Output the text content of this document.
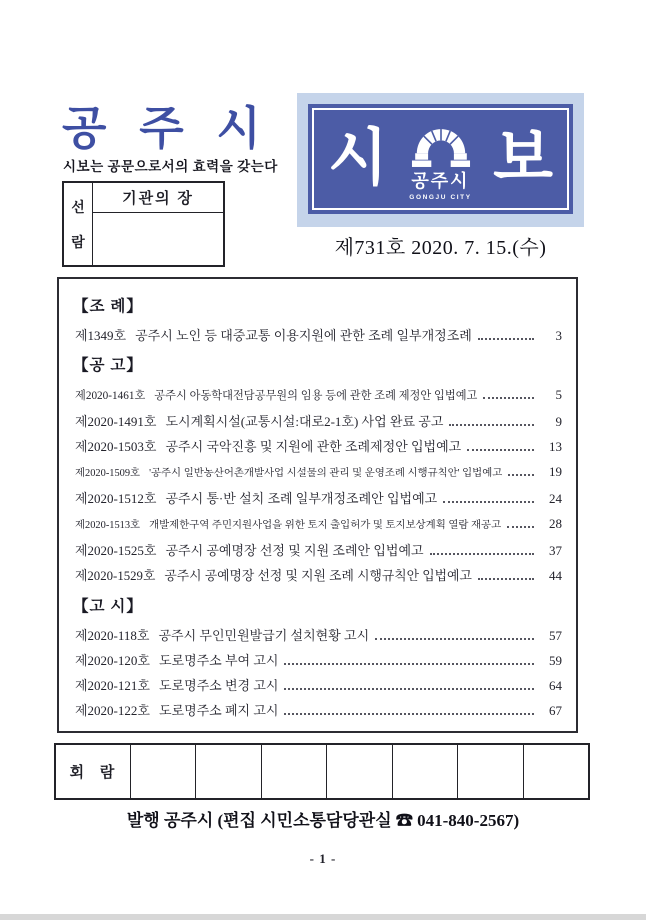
공 주 시
시보는 공문으로서의 효력을 갖는다
선
람
기관의 장
시 공주시
GONGJU CITY
보
제731호 2020. 7. 15.(수)
【조 례】
제1349호 공주시 노인 등 대중교통 이용지원에 관한 조례 일부개정조례	3
【공 고】
제2020-1461호 공주시 아동학대전담공무원의 임용 등에 관한 조례 제정안 입법예고	5
제2020-1491호 도시계획시설(교통시설:대로2-1호) 사업 완료 공고	9
제2020-1503호 공주시 국악진흥 및 지원에 관한 조례제정안 입법예고	13
제2020-1509호 '공주시 일반농산어촌개발사업 시설물의 관리 및 운영조례 시행규칙안' 입법예고	19
제2020-1512호 공주시 통·반 설치 조례 일부개정조례안 입법예고	24
제2020-1513호 개발제한구역 주민지원사업을 위한 토지 출입허가 및 토지보상계획 열람 재공고	28
제2020-1525호 공주시 공예명장 선정 및 지원 조례안 입법예고	37
제2020-1529호 공주시 공예명장 선정 및 지원 조례 시행규칙안 입법예고	44
【고 시】
제2020-118호 공주시 무인민원발급기 설치현황 고시	57
제2020-120호 도로명주소 부여 고시	59
제2020-121호 도로명주소 변경 고시	64
제2020-122호 도로명주소 폐지 고시	67
회 람
발행 공주시 (편집 시민소통담당관실 ☎ 041-840-2567)
- 1 -
